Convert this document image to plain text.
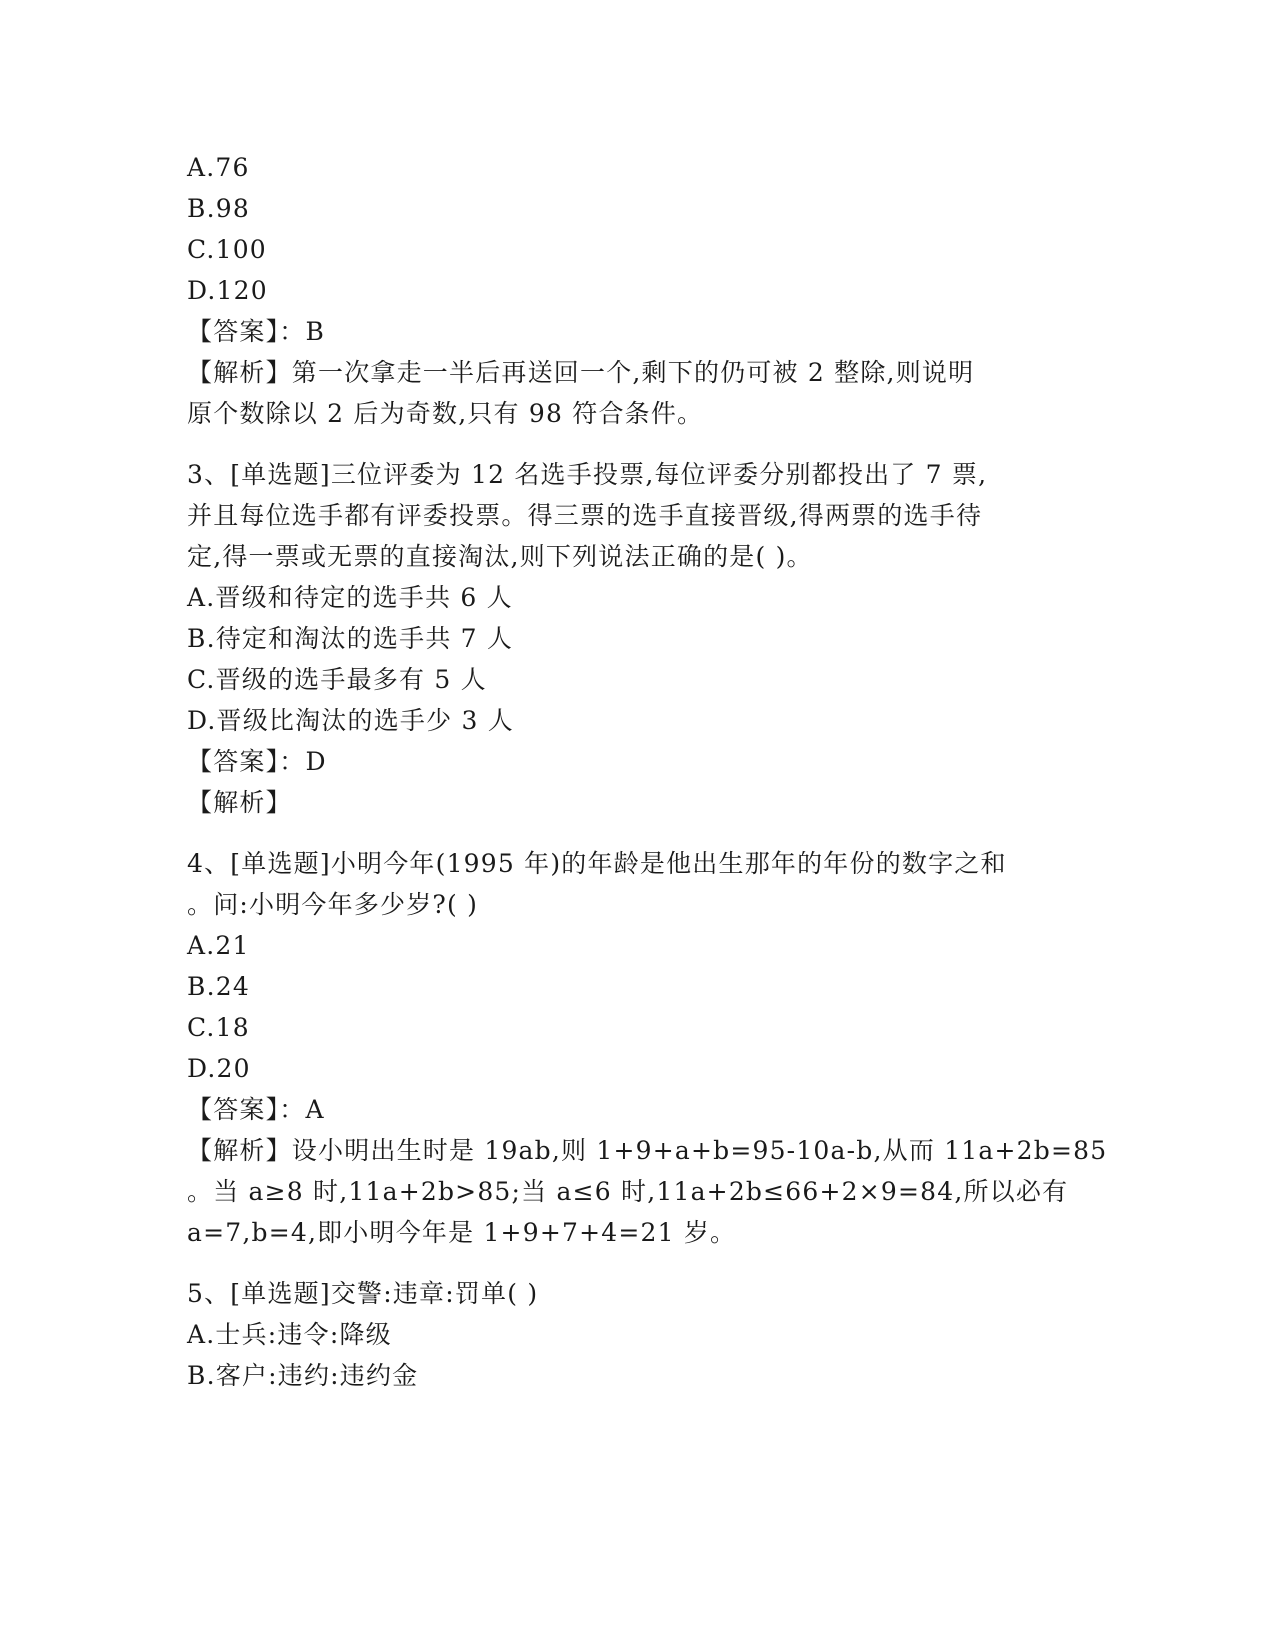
A.76
B.98
C.100
D.120
【答案】：B
【解析】第一次拿走一半后再送回一个,剩下的仍可被 2 整除,则说明
原个数除以 2 后为奇数,只有 98 符合条件。
3、[单选题]三位评委为 12 名选手投票,每位评委分别都投出了 7 票,
并且每位选手都有评委投票。得三票的选手直接晋级,得两票的选手待
定,得一票或无票的直接淘汰,则下列说法正确的是( )。
A.晋级和待定的选手共 6 人
B.待定和淘汰的选手共 7 人
C.晋级的选手最多有 5 人
D.晋级比淘汰的选手少 3 人
【答案】：D
【解析】
4、[单选题]小明今年(1995 年)的年龄是他出生那年的年份的数字之和
。问:小明今年多少岁?( )
A.21
B.24
C.18
D.20
【答案】：A
【解析】设小明出生时是 19ab,则 1+9+a+b=95-10a-b,从而 11a+2b=85
。当 a≥8 时,11a+2b>85;当 a≤6 时,11a+2b≤66+2×9=84,所以必有
a=7,b=4,即小明今年是 1+9+7+4=21 岁。
5、[单选题]交警:违章:罚单( )
A.士兵:违令:降级
B.客户:违约:违约金
